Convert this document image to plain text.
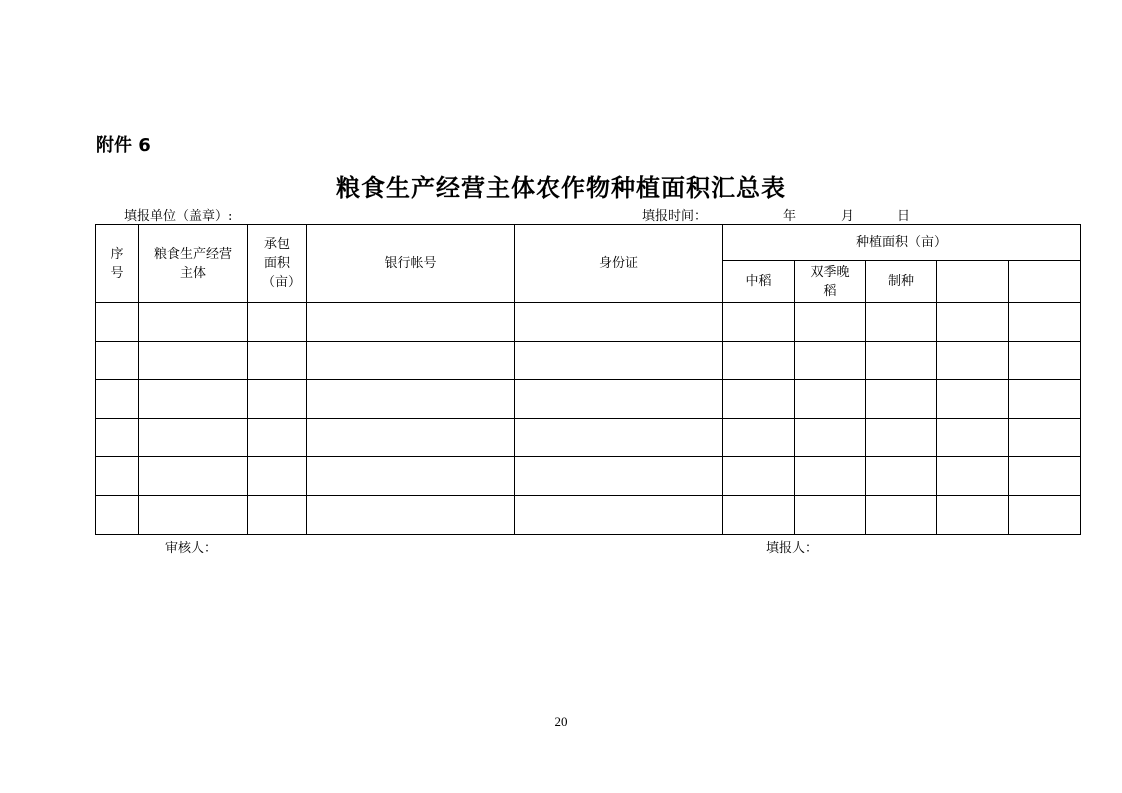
附件 6
粮食生产经营主体农作物种植面积汇总表
填报单位（盖章）:	填报时间：	年	月	日
序号	粮食生产经营主体	承包面积（亩）	银行帐号	身份证	种植面积（亩）				
					中稻	双季晚稻	制种		

审核人：	填报人：
20
